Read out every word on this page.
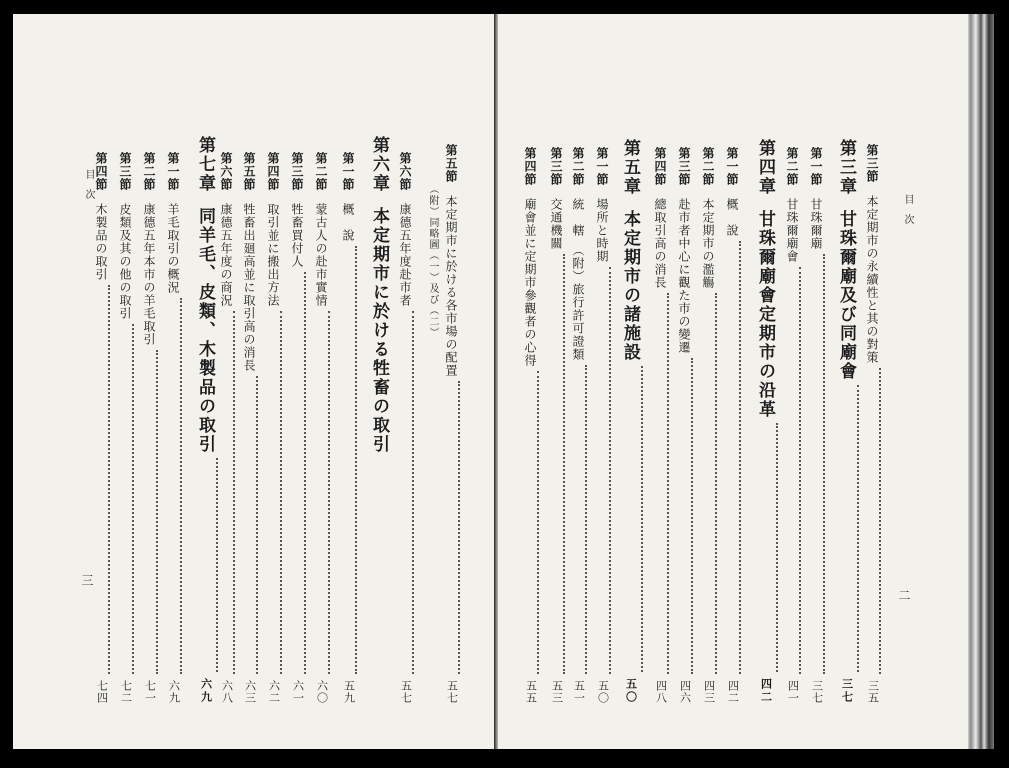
目　次
三
第五節
本定期市に於ける各市場の配置
五七
（附）同略圖（一）及び（二）
第六節
康德五年度赴市者
五七
第六章
本定期市に於ける牲畜の取引
第一節
概　說
五九
第二節
蒙古人の赴市實情
六〇
第三節
牲畜買付人
六一
第四節
取引並に搬出方法
六二
第五節
牲畜出廻高並に取引高の消長
六三
第六節
康德五年度の商況
六八
第七章
同羊毛、皮類、木製品の取引
六九
第一節
羊毛取引の概況
六九
第二節
康德五年本市の羊毛取引
七一
第三節
皮類及其の他の取引
七二
第四節
木製品の取引
七四
目　次
二
第三節
本定期市の永續性と其の對策
三五
第三章
甘珠爾廟及び同廟會
三七
第一節
甘珠爾廟
三七
第二節
甘珠爾廟會
四一
第四章
甘珠爾廟會定期市の沿革
四二
第一節
概　說
四二
第二節
本定期市の濫觴
四三
第三節
赴市者中心に觀た市の變遷
四六
第四節
總取引高の消長
四八
第五章
本定期市の諸施設
五〇
第一節
場所と時期
五〇
第二節
統　轄　（附）旅行許可證類
五一
第三節
交通機關
五三
第四節
廟會並に定期市參觀者の心得
五五
